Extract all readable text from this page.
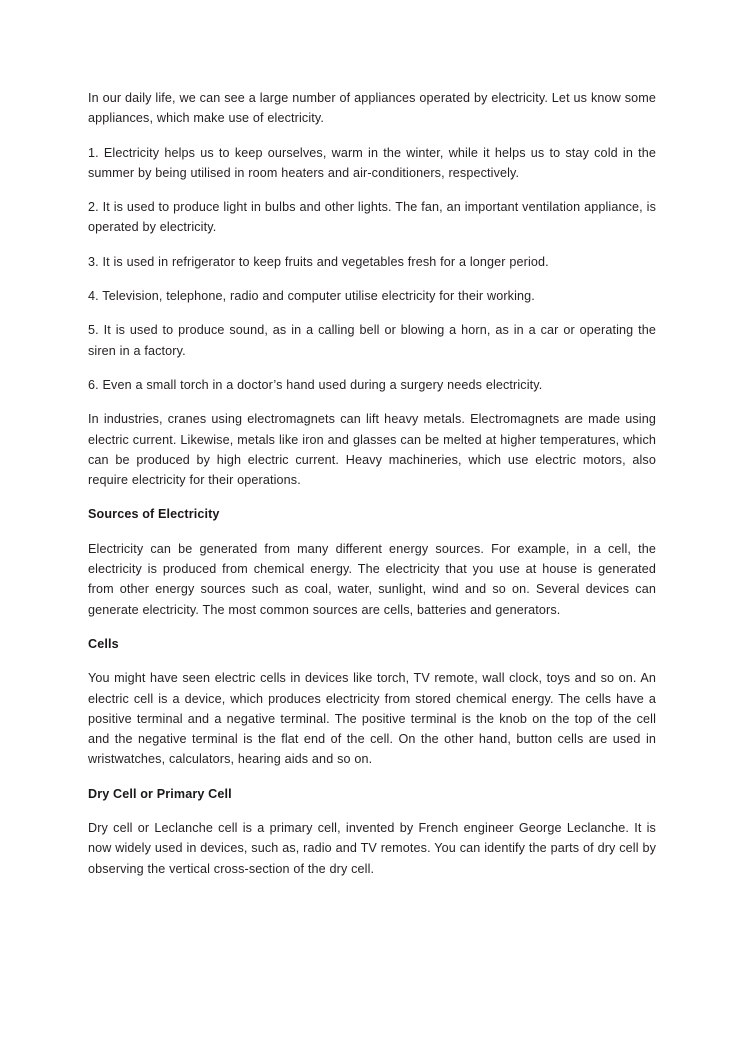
In our daily life, we can see a large number of appliances operated by electricity. Let us know some appliances, which make use of electricity.

1. Electricity helps us to keep ourselves, warm in the winter, while it helps us to stay cold in the summer by being utilised in room heaters and air-conditioners, respectively.

2. It is used to produce light in bulbs and other lights. The fan, an important ventilation appliance, is operated by electricity.

3. It is used in refrigerator to keep fruits and vegetables fresh for a longer period.

4. Television, telephone, radio and computer utilise electricity for their working.

5. It is used to produce sound, as in a calling bell or blowing a horn, as in a car or operating the siren in a factory.

6. Even a small torch in a doctor’s hand used during a surgery needs electricity.

In industries, cranes using electromagnets can lift heavy metals. Electromagnets are made using electric current. Likewise, metals like iron and glasses can be melted at higher temperatures, which can be produced by high electric current. Heavy machineries, which use electric motors, also require electricity for their operations.

Sources of Electricity

Electricity can be generated from many different energy sources. For example, in a cell, the electricity is produced from chemical energy. The electricity that you use at house is generated from other energy sources such as coal, water, sunlight, wind and so on. Several devices can generate electricity. The most common sources are cells, batteries and generators.

Cells

You might have seen electric cells in devices like torch, TV remote, wall clock, toys and so on. An electric cell is a device, which produces electricity from stored chemical energy. The cells have a positive terminal and a negative terminal. The positive terminal is the knob on the top of the cell and the negative terminal is the flat end of the cell. On the other hand, button cells are used in wristwatches, calculators, hearing aids and so on.

Dry Cell or Primary Cell

Dry cell or Leclanche cell is a primary cell, invented by French engineer George Leclanche. It is now widely used in devices, such as, radio and TV remotes. You can identify the parts of dry cell by observing the vertical cross-section of the dry cell.
